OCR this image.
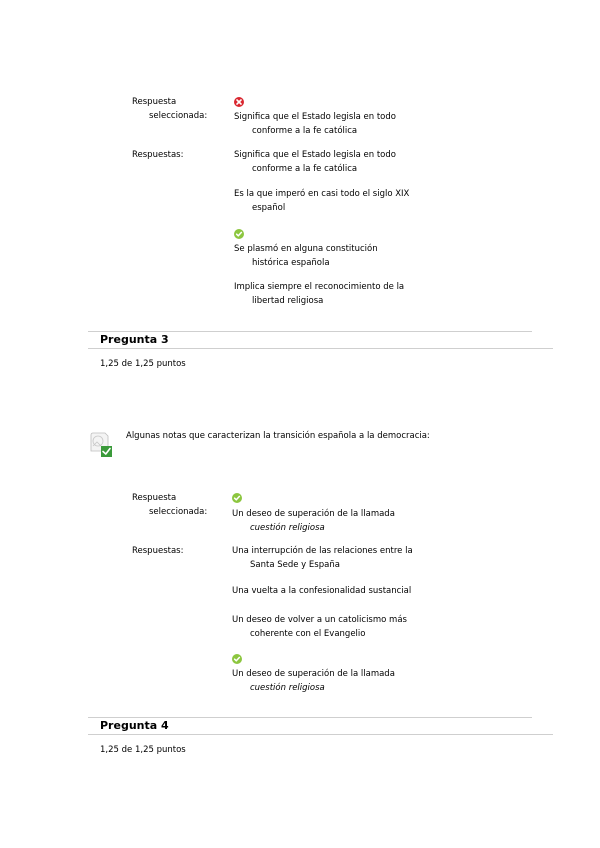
Respuesta
seleccionada:	Significa que el Estado legisla en todo
conforme a la fe católica
Respuestas:	Significa que el Estado legisla en todo
conforme a la fe católica
Es la que imperó en casi todo el siglo XIX
español
Se plasmó en alguna constitución
histórica española
Implica siempre el reconocimiento de la
libertad religiosa
Pregunta 3
1,25 de 1,25 puntos
Algunas notas que caracterizan la transición española a la democracia:
Respuesta
seleccionada:	Un deseo de superación de la llamada
cuestión religiosa
Respuestas:	Una interrupción de las relaciones entre la
Santa Sede y España
Una vuelta a la confesionalidad sustancial
Un deseo de volver a un catolicismo más
coherente con el Evangelio
Un deseo de superación de la llamada
cuestión religiosa
Pregunta 4
1,25 de 1,25 puntos
